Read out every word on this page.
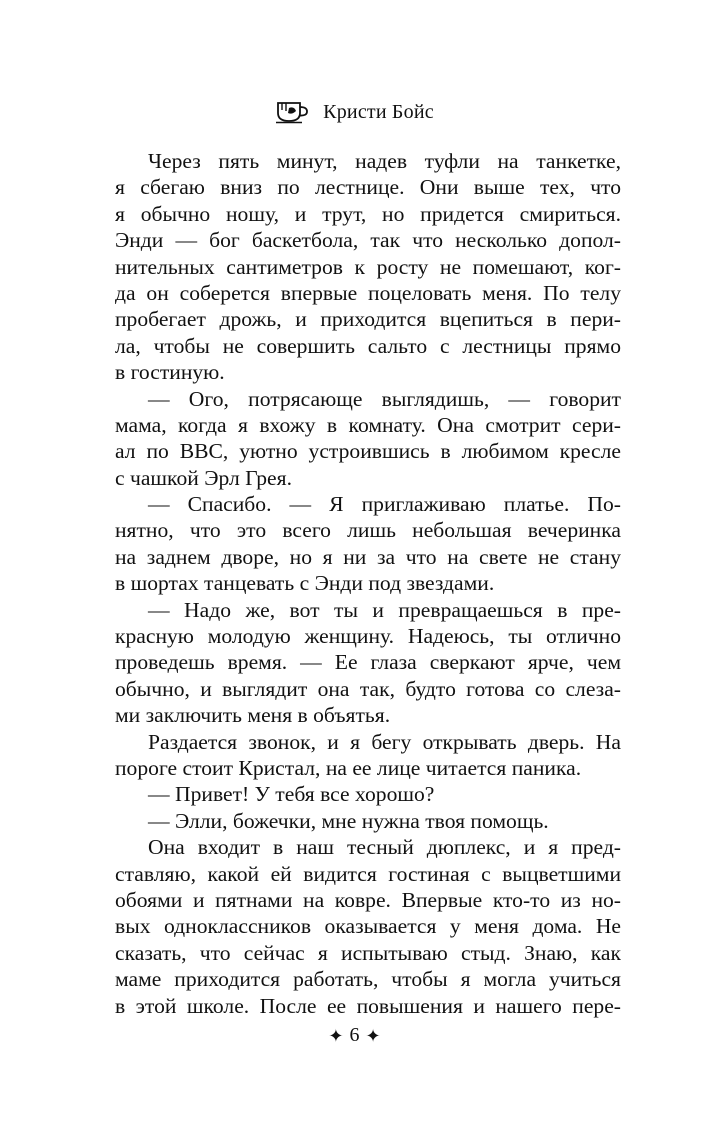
Кристи Бойс
Через пять минут, надев туфли на танкетке,
я сбегаю вниз по лестнице. Они выше тех, что
я обычно ношу, и трут, но придется смириться.
Энди — бог баскетбола, так что несколько допол-
нительных сантиметров к росту не помешают, ког-
да он соберется впервые поцеловать меня. По телу
пробегает дрожь, и приходится вцепиться в пери-
ла, чтобы не совершить сальто с лестницы прямо
в гостиную.
— Ого, потрясающе выглядишь, — говорит
мама, когда я вхожу в комнату. Она смотрит сери-
ал по BBC, уютно устроившись в любимом кресле
с чашкой Эрл Грея.
— Спасибо. — Я приглаживаю платье. По-
нятно, что это всего лишь небольшая вечеринка
на заднем дворе, но я ни за что на свете не стану
в шортах танцевать с Энди под звездами.
— Надо же, вот ты и превращаешься в пре-
красную молодую женщину. Надеюсь, ты отлично
проведешь время. — Ее глаза сверкают ярче, чем
обычно, и выглядит она так, будто готова со слеза-
ми заключить меня в объятья.
Раздается звонок, и я бегу открывать дверь. На
пороге стоит Кристал, на ее лице читается паника.
— Привет! У тебя все хорошо?
— Элли, божечки, мне нужна твоя помощь.
Она входит в наш тесный дюплекс, и я пред-
ставляю, какой ей видится гостиная с выцветшими
обоями и пятнами на ковре. Впервые кто-то из но-
вых одноклассников оказывается у меня дома. Не
сказать, что сейчас я испытываю стыд. Знаю, как
маме приходится работать, чтобы я могла учиться
в этой школе. После ее повышения и нашего пере-
✦ 6 ✦
